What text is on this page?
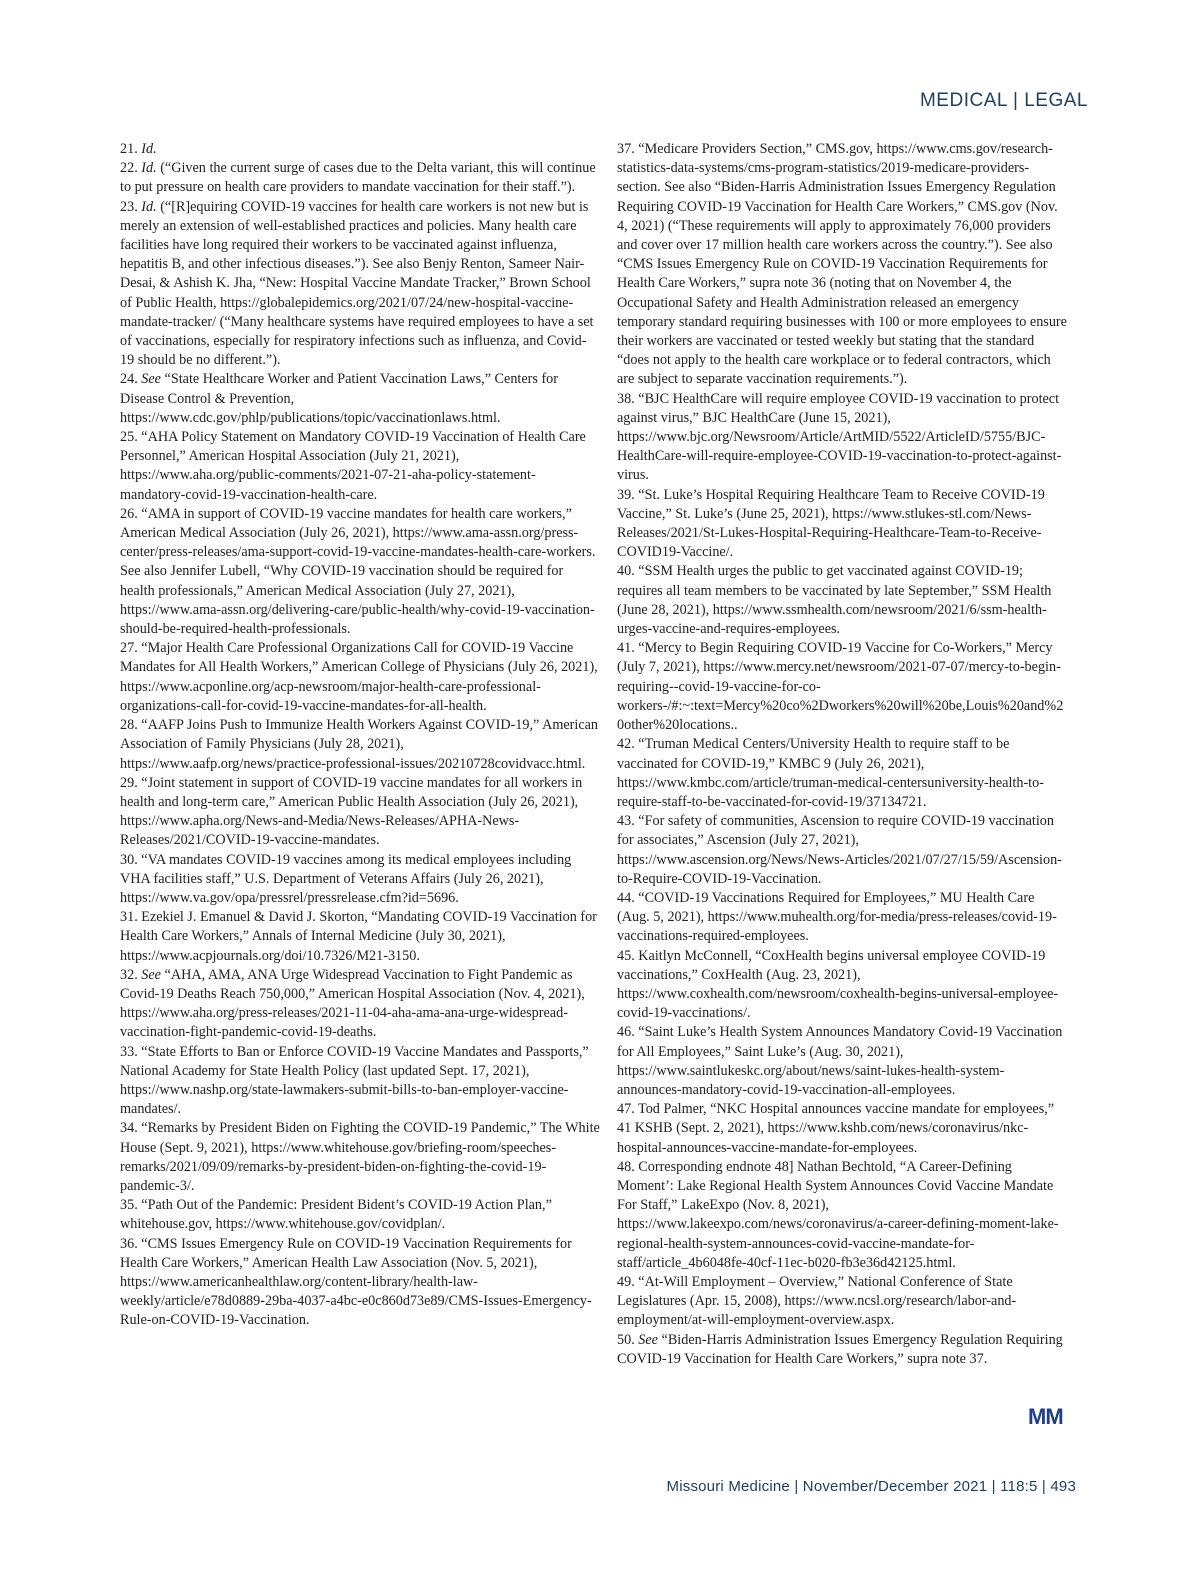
MEDICAL | LEGAL

21. Id.

22. Id. (“Given the current surge of cases due to the Delta variant, this will continue to put pressure on health care providers to mandate vaccination for their staff.”).

23. Id. (“[R]equiring COVID-19 vaccines for health care workers is not new but is merely an extension of well-established practices and policies. Many health care facilities have long required their workers to be vaccinated against influenza, hepatitis B, and other infectious diseases.”). See also Benjy Renton, Sameer Nair-Desai, & Ashish K. Jha, “New: Hospital Vaccine Mandate Tracker,” Brown School of Public Health, https://globalepidemics.org/2021/07/24/new-hospital-vaccine-mandate-tracker/ (“Many healthcare systems have required employees to have a set of vaccinations, especially for respiratory infections such as influenza, and Covid-19 should be no different.”).

24. See “State Healthcare Worker and Patient Vaccination Laws,” Centers for Disease Control & Prevention, https://www.cdc.gov/phlp/publications/topic/vaccinationlaws.html.

25. “AHA Policy Statement on Mandatory COVID-19 Vaccination of Health Care Personnel,” American Hospital Association (July 21, 2021), https://www.aha.org/public-comments/2021-07-21-aha-policy-statement-mandatory-covid-19-vaccination-health-care.

26. “AMA in support of COVID-19 vaccine mandates for health care workers,” American Medical Association (July 26, 2021), https://www.ama-assn.org/press-center/press-releases/ama-support-covid-19-vaccine-mandates-health-care-workers. See also Jennifer Lubell, “Why COVID-19 vaccination should be required for health professionals,” American Medical Association (July 27, 2021), https://www.ama-assn.org/delivering-care/public-health/why-covid-19-vaccination-should-be-required-health-professionals.

27. “Major Health Care Professional Organizations Call for COVID-19 Vaccine Mandates for All Health Workers,” American College of Physicians (July 26, 2021), https://www.acponline.org/acp-newsroom/major-health-care-professional-organizations-call-for-covid-19-vaccine-mandates-for-all-health.

28. “AAFP Joins Push to Immunize Health Workers Against COVID-19,” American Association of Family Physicians (July 28, 2021), https://www.aafp.org/news/practice-professional-issues/20210728covidvacc.html.

29. “Joint statement in support of COVID-19 vaccine mandates for all workers in health and long-term care,” American Public Health Association (July 26, 2021), https://www.apha.org/News-and-Media/News-Releases/APHA-News-Releases/2021/COVID-19-vaccine-mandates.

30. “VA mandates COVID-19 vaccines among its medical employees including VHA facilities staff,” U.S. Department of Veterans Affairs (July 26, 2021), https://www.va.gov/opa/pressrel/pressrelease.cfm?id=5696.

31. Ezekiel J. Emanuel & David J. Skorton, “Mandating COVID-19 Vaccination for Health Care Workers,” Annals of Internal Medicine (July 30, 2021), https://www.acpjournals.org/doi/10.7326/M21-3150.

32. See “AHA, AMA, ANA Urge Widespread Vaccination to Fight Pandemic as Covid-19 Deaths Reach 750,000,” American Hospital Association (Nov. 4, 2021), https://www.aha.org/press-releases/2021-11-04-aha-ama-ana-urge-widespread-vaccination-fight-pandemic-covid-19-deaths.

33. “State Efforts to Ban or Enforce COVID-19 Vaccine Mandates and Passports,” National Academy for State Health Policy (last updated Sept. 17, 2021), https://www.nashp.org/state-lawmakers-submit-bills-to-ban-employer-vaccine-mandates/.

34. “Remarks by President Biden on Fighting the COVID-19 Pandemic,” The White House (Sept. 9, 2021), https://www.whitehouse.gov/briefing-room/speeches-remarks/2021/09/09/remarks-by-president-biden-on-fighting-the-covid-19-pandemic-3/.

35. “Path Out of the Pandemic: President Bident’s COVID-19 Action Plan,” whitehouse.gov, https://www.whitehouse.gov/covidplan/.

36. “CMS Issues Emergency Rule on COVID-19 Vaccination Requirements for Health Care Workers,” American Health Law Association (Nov. 5, 2021), https://www.americanhealthlaw.org/content-library/health-law-weekly/article/e78d0889-29ba-4037-a4bc-e0c860d73e89/CMS-Issues-Emergency-Rule-on-COVID-19-Vaccination.

37. “Medicare Providers Section,” CMS.gov, https://www.cms.gov/research-statistics-data-systems/cms-program-statistics/2019-medicare-providers-section. See also “Biden-Harris Administration Issues Emergency Regulation Requiring COVID-19 Vaccination for Health Care Workers,” CMS.gov (Nov. 4, 2021) (“These requirements will apply to approximately 76,000 providers and cover over 17 million health care workers across the country.”). See also “CMS Issues Emergency Rule on COVID-19 Vaccination Requirements for Health Care Workers,” supra note 36 (noting that on November 4, the Occupational Safety and Health Administration released an emergency temporary standard requiring businesses with 100 or more employees to ensure their workers are vaccinated or tested weekly but stating that the standard “does not apply to the health care workplace or to federal contractors, which are subject to separate vaccination requirements.”).

38. “BJC HealthCare will require employee COVID-19 vaccination to protect against virus,” BJC HealthCare (June 15, 2021), https://www.bjc.org/Newsroom/Article/ArtMID/5522/ArticleID/5755/BJC-HealthCare-will-require-employee-COVID-19-vaccination-to-protect-against-virus.

39. “St. Luke’s Hospital Requiring Healthcare Team to Receive COVID-19 Vaccine,” St. Luke’s (June 25, 2021), https://www.stlukes-stl.com/News-Releases/2021/St-Lukes-Hospital-Requiring-Healthcare-Team-to-Receive-COVID19-Vaccine/.

40. “SSM Health urges the public to get vaccinated against COVID-19; requires all team members to be vaccinated by late September,” SSM Health (June 28, 2021), https://www.ssmhealth.com/newsroom/2021/6/ssm-health-urges-vaccine-and-requires-employees.

41. “Mercy to Begin Requiring COVID-19 Vaccine for Co-Workers,” Mercy (July 7, 2021), https://www.mercy.net/newsroom/2021-07-07/mercy-to-begin-requiring--covid-19-vaccine-for-co-workers-/#:~:text=Mercy%20co%2Dworkers%20will%20be,Louis%20and%20other%20locations..

42. “Truman Medical Centers/University Health to require staff to be vaccinated for COVID-19,” KMBC 9 (July 26, 2021), https://www.kmbc.com/article/truman-medical-centersuniversity-health-to-require-staff-to-be-vaccinated-for-covid-19/37134721.

43. “For safety of communities, Ascension to require COVID-19 vaccination for associates,” Ascension (July 27, 2021), https://www.ascension.org/News/News-Articles/2021/07/27/15/59/Ascension-to-Require-COVID-19-Vaccination.

44. “COVID-19 Vaccinations Required for Employees,” MU Health Care (Aug. 5, 2021), https://www.muhealth.org/for-media/press-releases/covid-19-vaccinations-required-employees.

45. Kaitlyn McConnell, “CoxHealth begins universal employee COVID-19 vaccinations,” CoxHealth (Aug. 23, 2021), https://www.coxhealth.com/newsroom/coxhealth-begins-universal-employee-covid-19-vaccinations/.

46. “Saint Luke’s Health System Announces Mandatory Covid-19 Vaccination for All Employees,” Saint Luke’s (Aug. 30, 2021), https://www.saintlukeskc.org/about/news/saint-lukes-health-system-announces-mandatory-covid-19-vaccination-all-employees.

47. Tod Palmer, “NKC Hospital announces vaccine mandate for employees,” 41 KSHB (Sept. 2, 2021), https://www.kshb.com/news/coronavirus/nkc-hospital-announces-vaccine-mandate-for-employees.

48. Corresponding endnote 48] Nathan Bechtold, “A Career-Defining Moment’: Lake Regional Health System Announces Covid Vaccine Mandate For Staff,” LakeExpo (Nov. 8, 2021), https://www.lakeexpo.com/news/coronavirus/a-career-defining-moment-lake-regional-health-system-announces-covid-vaccine-mandate-for-staff/article_4b6048fe-40cf-11ec-b020-fb3e36d42125.html.

49. “At-Will Employment – Overview,” National Conference of State Legislatures (Apr. 15, 2008), https://www.ncsl.org/research/labor-and-employment/at-will-employment-overview.aspx.

50. See “Biden-Harris Administration Issues Emergency Regulation Requiring COVID-19 Vaccination for Health Care Workers,” supra note 37.

MM
Missouri Medicine | November/December 2021 | 118:5 | 493
